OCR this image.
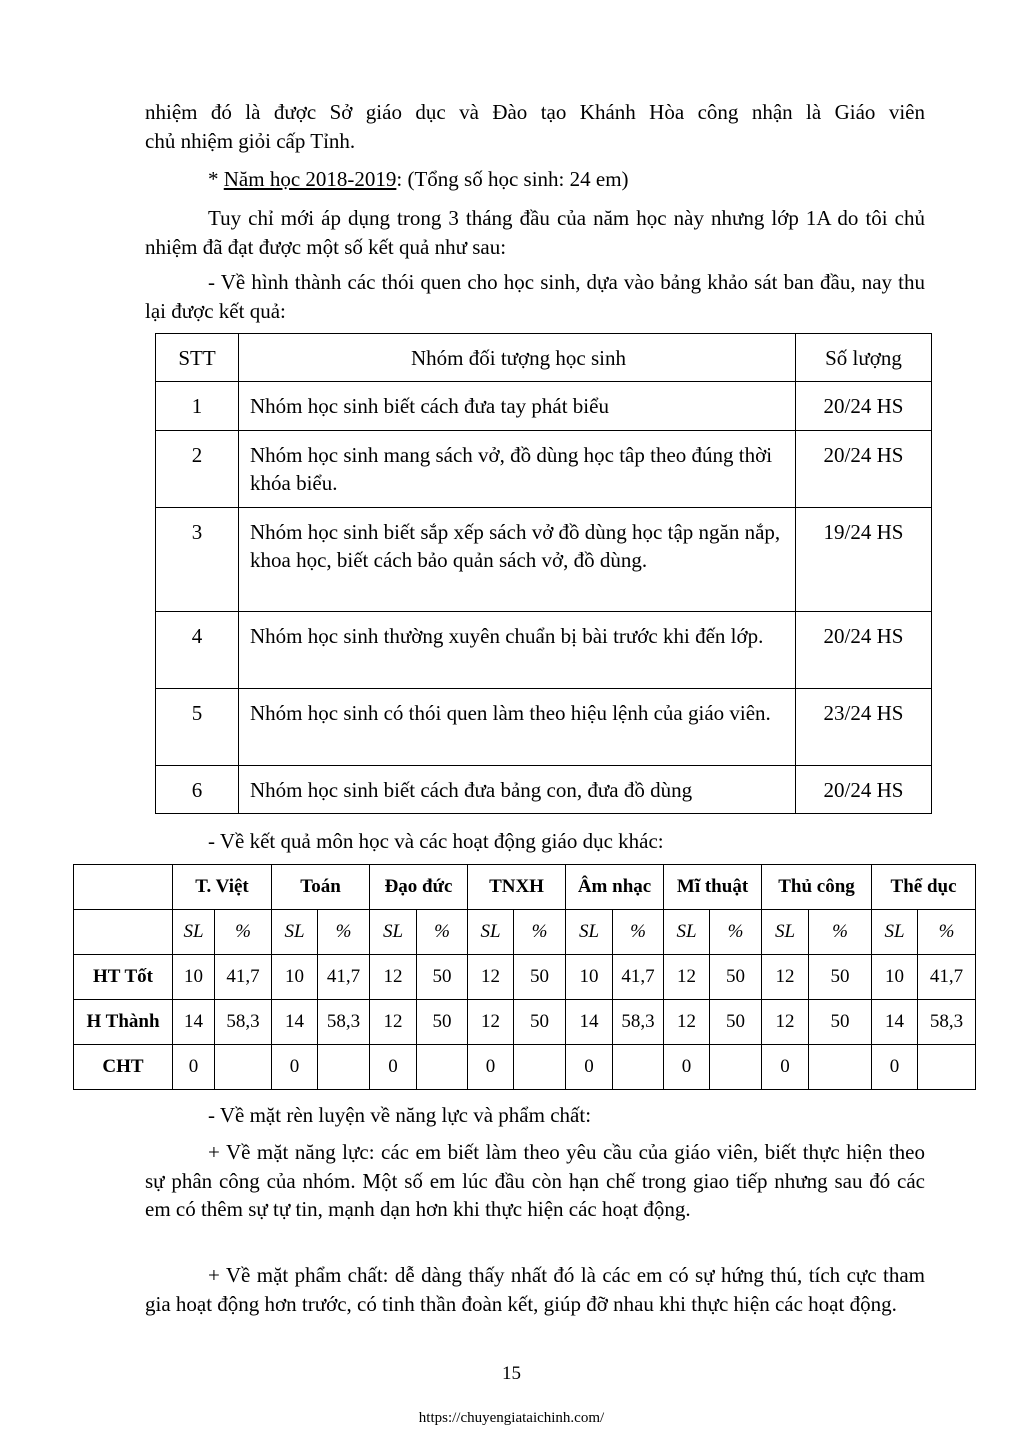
nhiệm đó là được Sở giáo dục và Đào tạo Khánh Hòa công nhận là Giáo viên
chủ nhiệm giỏi cấp Tỉnh.
* Năm học 2018-2019: (Tổng số học sinh: 24 em)
Tuy chỉ mới áp dụng trong 3 tháng đầu của năm học này nhưng lớp 1A do tôi chủ nhiệm đã đạt được một số kết quả như sau:
- Về hình thành các thói quen cho học sinh, dựa vào bảng khảo sát ban đầu, nay thu lại được kết quả:
STT	Nhóm đối tượng học sinh	Số lượng
1	Nhóm học sinh biết cách đưa tay phát biểu	20/24 HS
2	Nhóm học sinh mang sách vở, đồ dùng học tâp theo đúng thời khóa biểu.	20/24 HS
3	Nhóm học sinh biết sắp xếp sách vở đồ dùng học tập ngăn nắp, khoa học, biết cách bảo quản sách vở, đồ dùng.	19/24 HS
4	Nhóm học sinh thường xuyên chuẩn bị bài trước khi đến lớp.	20/24 HS
5	Nhóm học sinh có thói quen làm theo hiệu lệnh của giáo viên.	23/24 HS
6	Nhóm học sinh biết cách đưa bảng con, đưa đồ dùng	20/24 HS
- Về kết quả môn học và các hoạt động giáo dục khác:
	T. Việt		Toán		Đạo đức		TNXH		Âm nhạc		Mĩ thuật		Thủ công		Thể dục	
	SL	%	SL	%	SL	%	SL	%	SL	%	SL	%	SL	%	SL	%
HT Tốt	10	41,7	10	41,7	12	50	12	50	10	41,7	12	50	12	50	10	41,7
H Thành	14	58,3	14	58,3	12	50	12	50	14	58,3	12	50	12	50	14	58,3
CHT	0		0		0		0		0		0		0		0	
- Về mặt rèn luyện về năng lực và phẩm chất:
+ Về mặt năng lực: các em biết làm theo yêu cầu của giáo viên, biết thực hiện theo sự phân công của nhóm. Một số em lúc đầu còn hạn chế trong giao tiếp nhưng sau đó các em có thêm sự tự tin, mạnh dạn hơn khi thực hiện các hoạt động.
+ Về mặt phẩm chất: dễ dàng thấy nhất đó là các em có sự hứng thú, tích cực tham gia hoạt động hơn trước, có tinh thần đoàn kết, giúp đỡ nhau khi thực hiện các hoạt động.
15
https://chuyengiataichinh.com/
